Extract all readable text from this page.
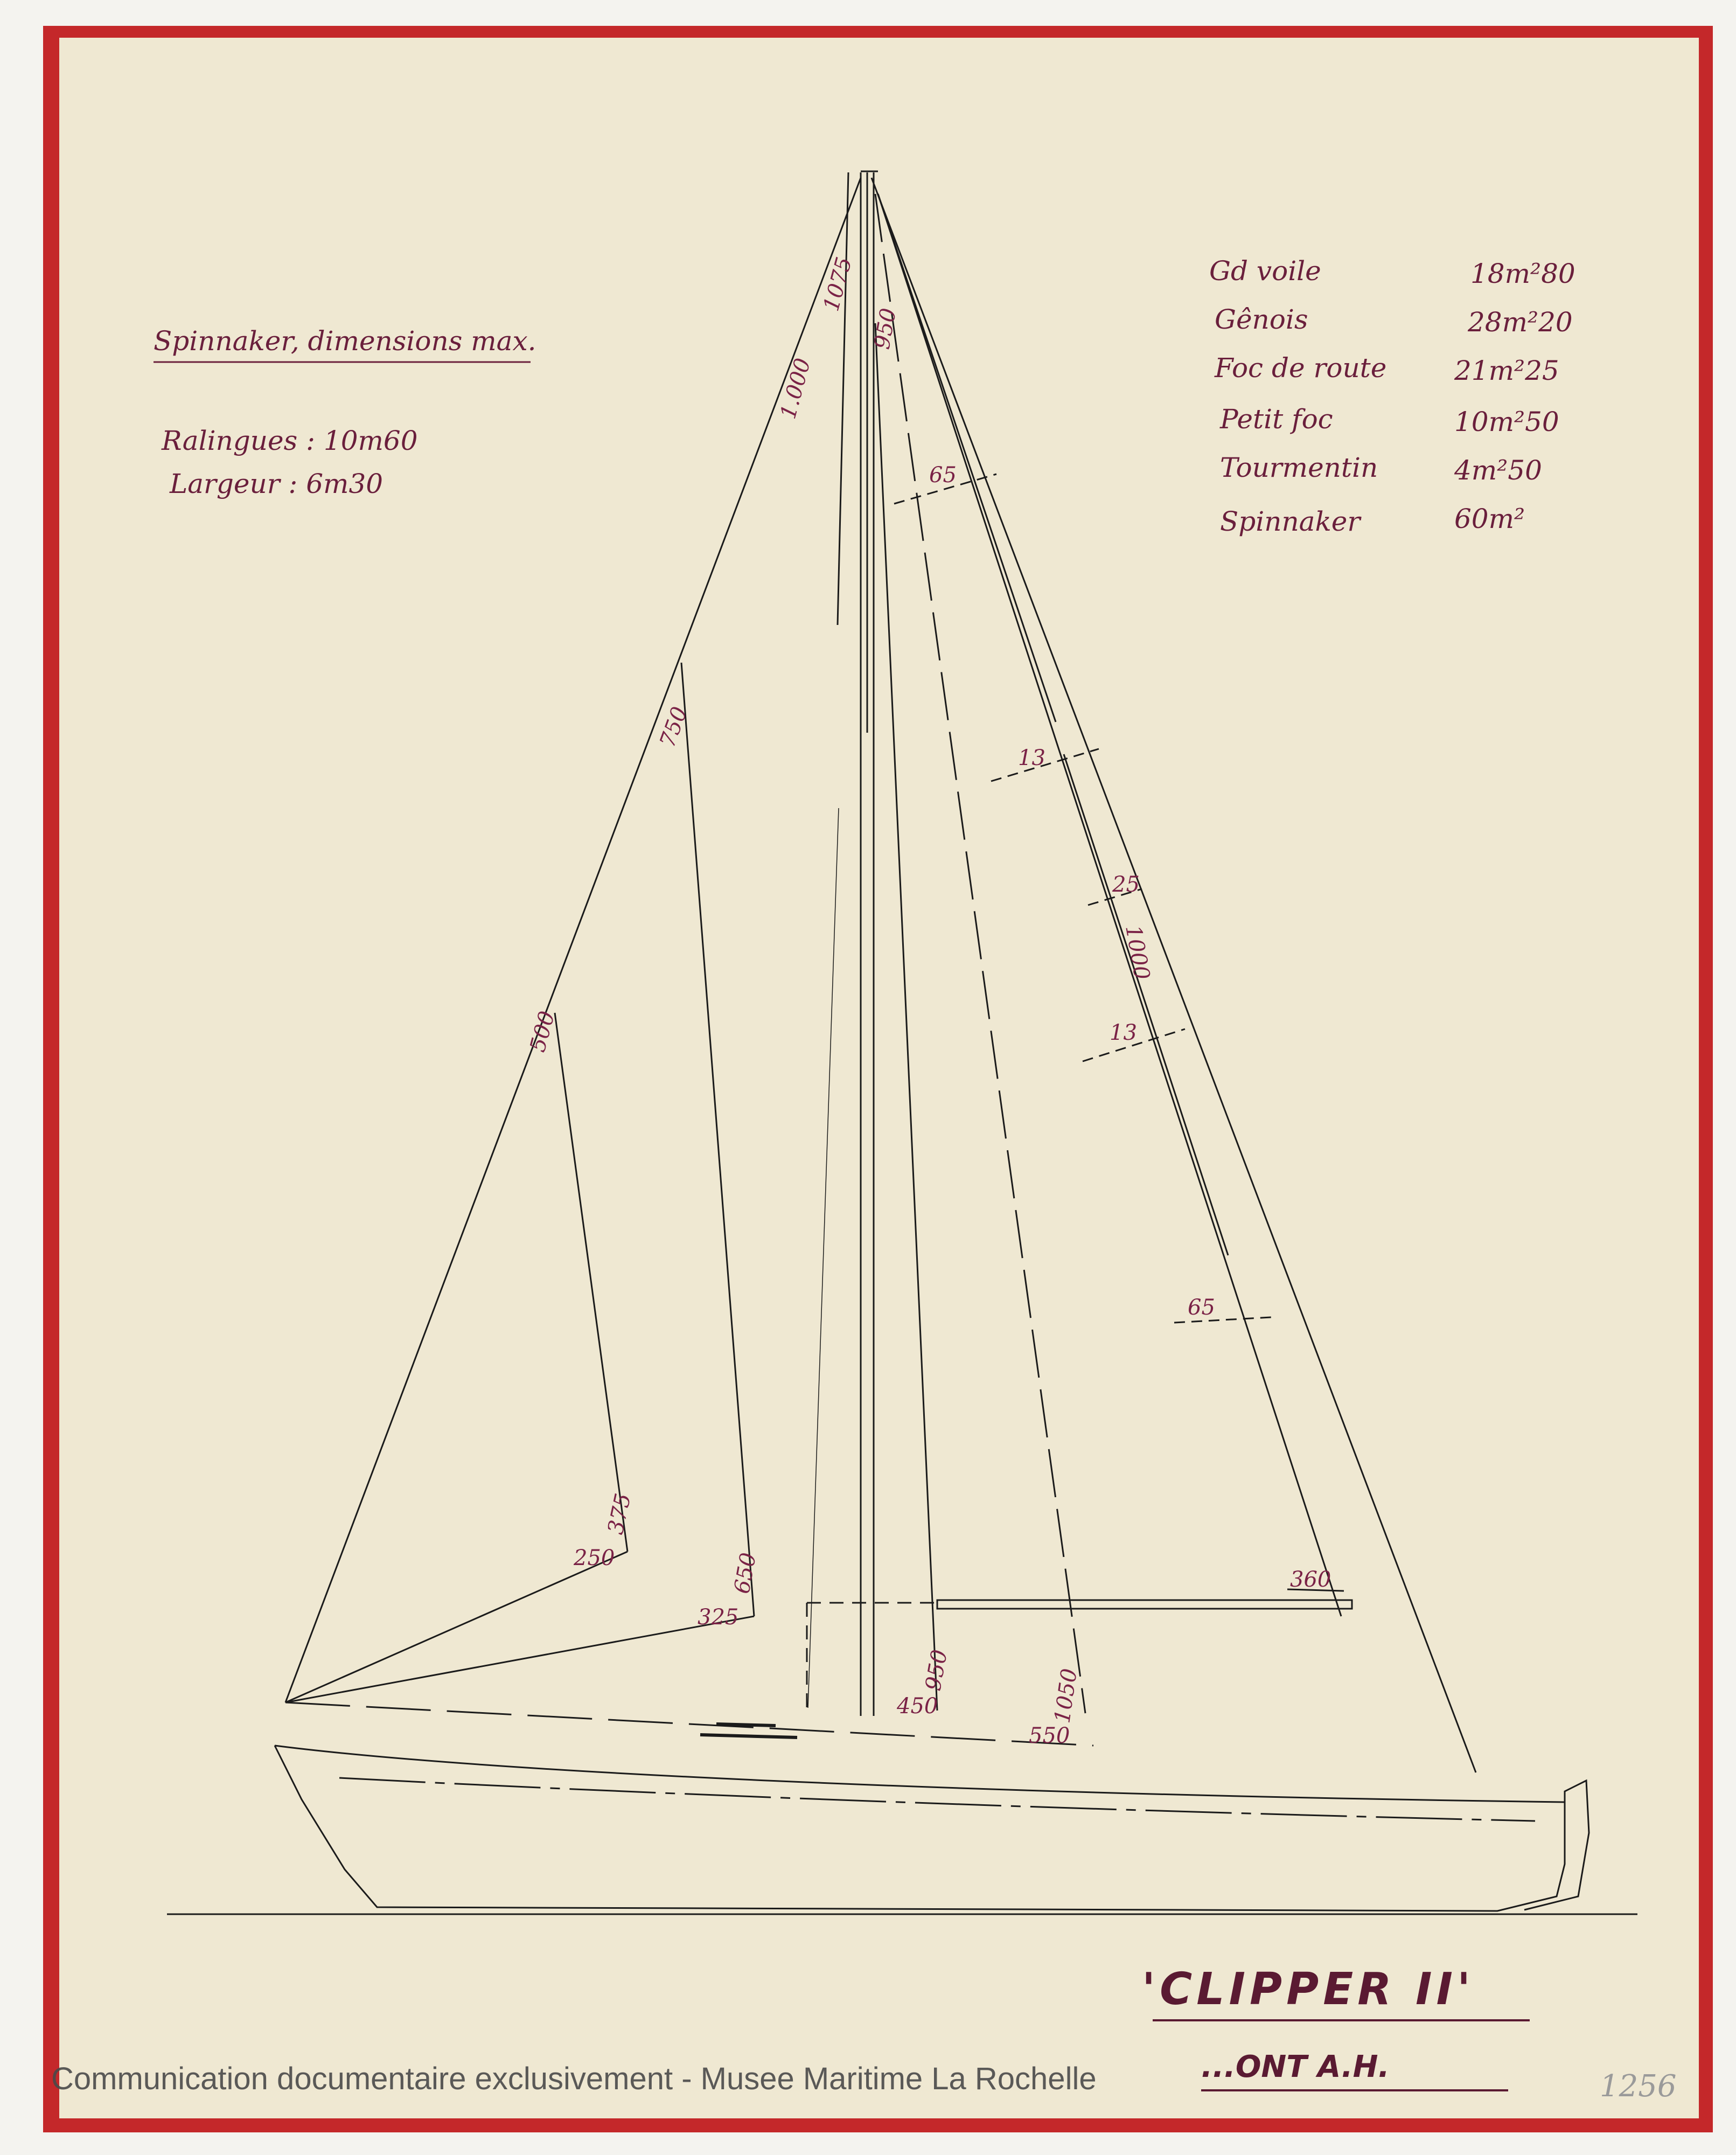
Spinnaker, dimensions max.
Ralingues : 10m60
Largeur : 6m30
Gd voile	18m²80
Gênois	28m²20
Foc de route	21m²25
Petit foc	10m²50
Tourmentin	4m²50
Spinnaker	60m²
1075
1.000
950
65
750
13
25
1000
13
500
65
375
250	650
325
360
950
450	1050
550
'CLIPPER II'
...ONT A.H.
Communication documentaire exclusivement - Musee Maritime La Rochelle	1256
